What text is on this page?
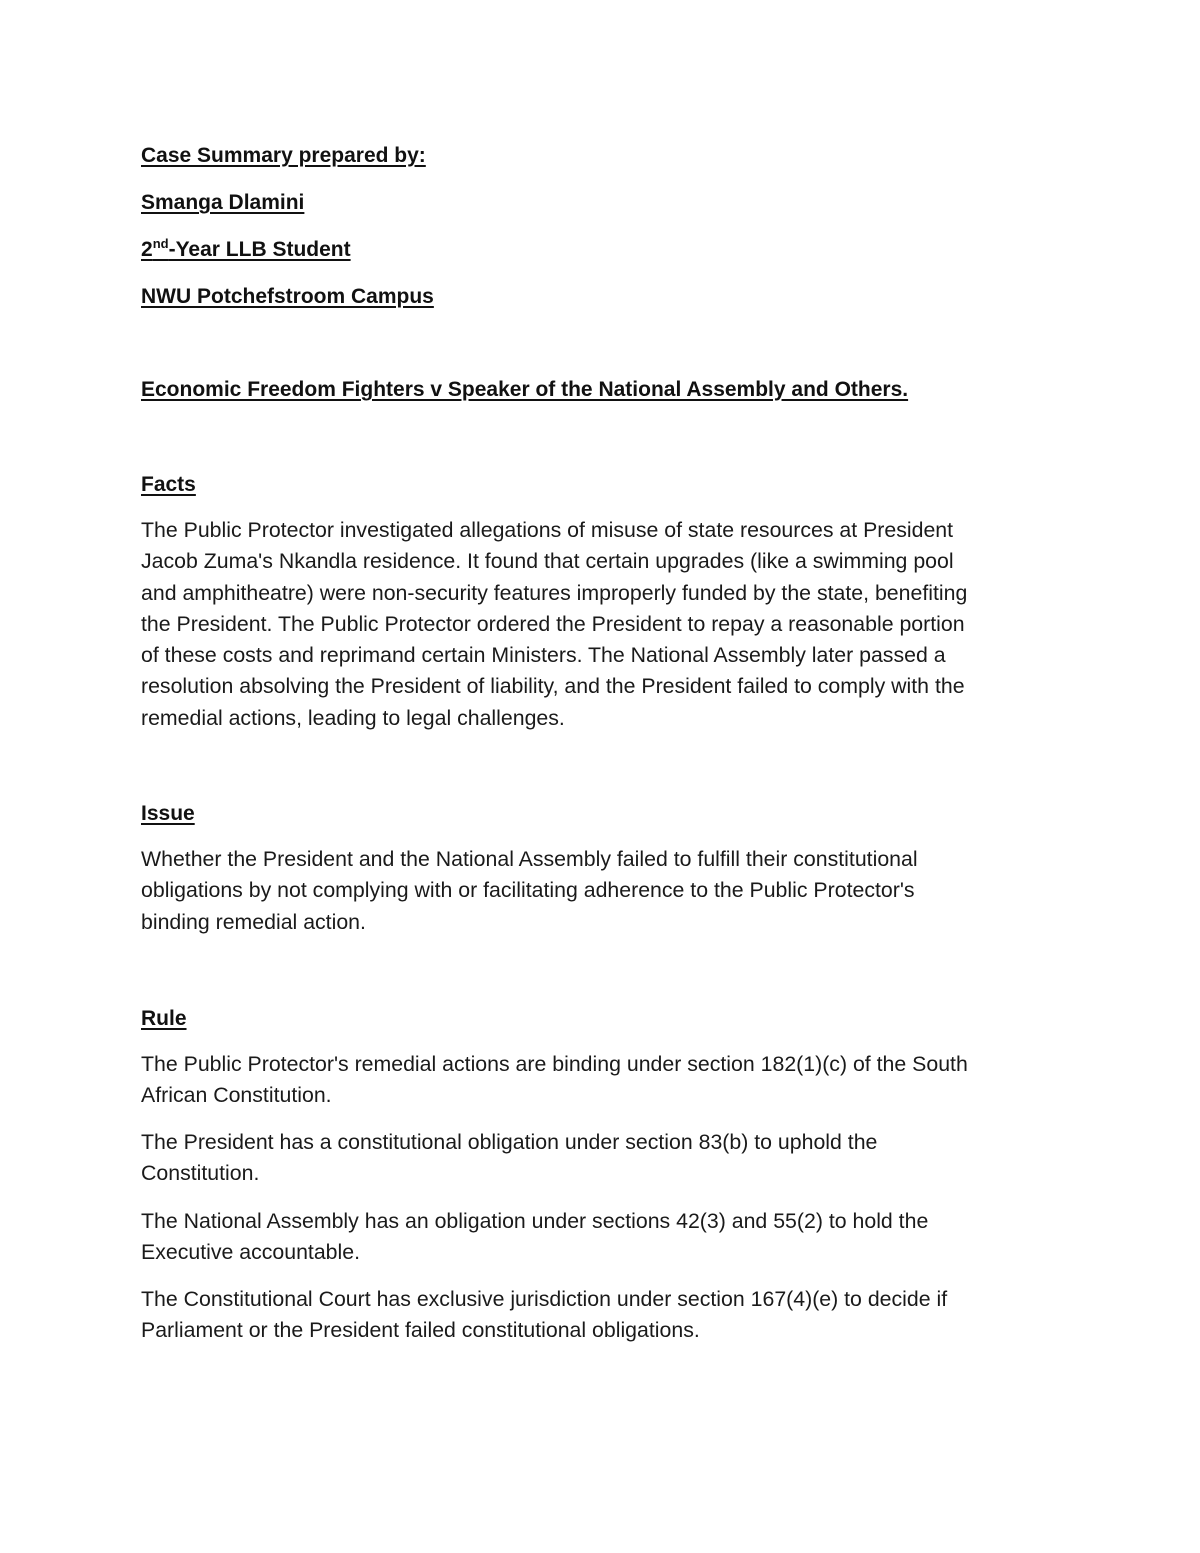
Case Summary prepared by:

Smanga Dlamini

2nd-Year LLB Student

NWU Potchefstroom Campus

Economic Freedom Fighters v Speaker of the National Assembly and Others.

Facts
The Public Protector investigated allegations of misuse of state resources at President
Jacob Zuma's Nkandla residence. It found that certain upgrades (like a swimming pool
and amphitheatre) were non-security features improperly funded by the state, benefiting
the President. The Public Protector ordered the President to repay a reasonable portion
of these costs and reprimand certain Ministers. The National Assembly later passed a
resolution absolving the President of liability, and the President failed to comply with the
remedial actions, leading to legal challenges.
Issue
Whether the President and the National Assembly failed to fulfill their constitutional
obligations by not complying with or facilitating adherence to the Public Protector's
binding remedial action.
Rule
The Public Protector's remedial actions are binding under section 182(1)(c) of the South
African Constitution.
The President has a constitutional obligation under section 83(b) to uphold the
Constitution.
The National Assembly has an obligation under sections 42(3) and 55(2) to hold the
Executive accountable.
The Constitutional Court has exclusive jurisdiction under section 167(4)(e) to decide if
Parliament or the President failed constitutional obligations.
